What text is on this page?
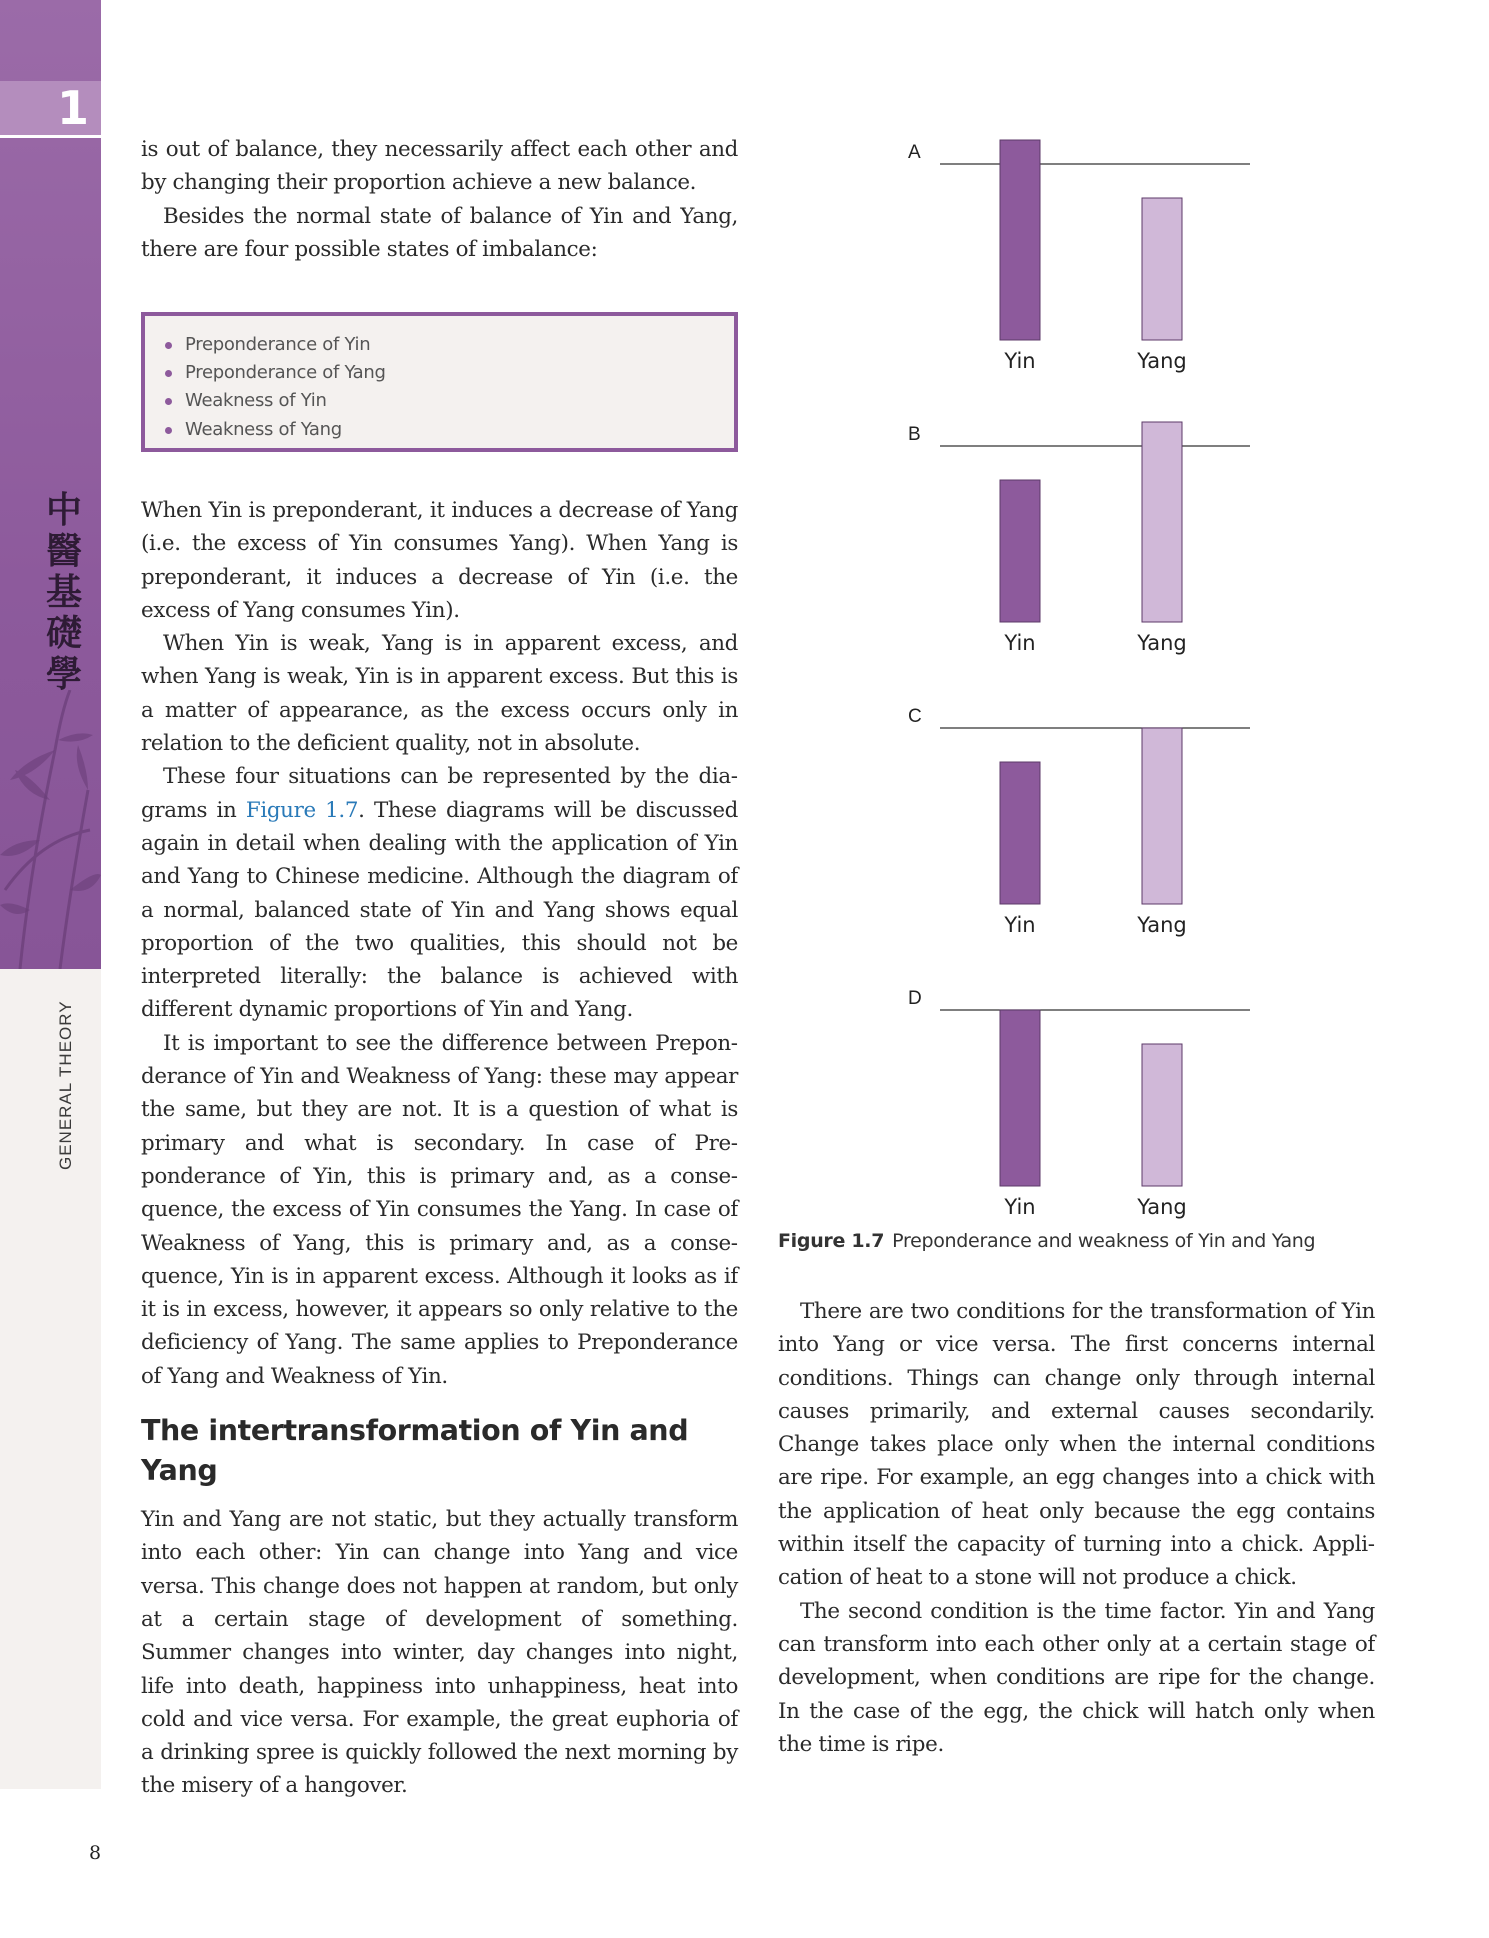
1
中
醫
基
礎
學
GENERAL THEORY
8

is out of balance, they necessarily affect each other and by changing their proportion achieve a new balance.

Besides the normal state of balance of Yin and Yang, there are four possible states of imbalance:

Preponderance of Yin
Preponderance of Yang
Weakness of Yin
Weakness of Yang

When Yin is preponderant, it induces a decrease of Yang (i.e. the excess of Yin consumes Yang). When Yang is preponderant, it induces a decrease of Yin (i.e. the excess of Yang consumes Yin).

When Yin is weak, Yang is in apparent excess, and when Yang is weak, Yin is in apparent excess. But this is a matter of appearance, as the excess occurs only in relation to the deficient quality, not in absolute.

These four situations can be represented by the diagrams in Figure 1.7. These diagrams will be discussed again in detail when dealing with the application of Yin and Yang to Chinese medicine. Although the diagram of a normal, balanced state of Yin and Yang shows equal proportion of the two qualities, this should not be interpreted literally: the balance is achieved with different dynamic proportions of Yin and Yang.

It is important to see the difference between Preponderance of Yin and Weakness of Yang: these may appear the same, but they are not. It is a question of what is primary and what is secondary. In case of Preponderance of Yin, this is primary and, as a consequence, the excess of Yin consumes the Yang. In case of Weakness of Yang, this is primary and, as a consequence, Yin is in apparent excess. Although it looks as if it is in excess, however, it appears so only relative to the deficiency of Yang. The same applies to Preponderance of Yang and Weakness of Yin.

The intertransformation of Yin and Yang

Yin and Yang are not static, but they actually transform into each other: Yin can change into Yang and vice versa. This change does not happen at random, but only at a certain stage of development of something. Summer changes into winter, day changes into night, life into death, happiness into unhappiness, heat into cold and vice versa. For example, the great euphoria of a drinking spree is quickly followed the next morning by the misery of a hangover.

A
Yin	Yang
B
Yin	Yang
C
Yin	Yang
D
Yin	Yang
Figure 1.7 Preponderance and weakness of Yin and Yang

There are two conditions for the transformation of Yin into Yang or vice versa. The first concerns internal conditions. Things can change only through internal causes primarily, and external causes secondarily. Change takes place only when the internal conditions are ripe. For example, an egg changes into a chick with the application of heat only because the egg contains within itself the capacity of turning into a chick. Application of heat to a stone will not produce a chick.

The second condition is the time factor. Yin and Yang can transform into each other only at a certain stage of development, when conditions are ripe for the change. In the case of the egg, the chick will hatch only when the time is ripe.
